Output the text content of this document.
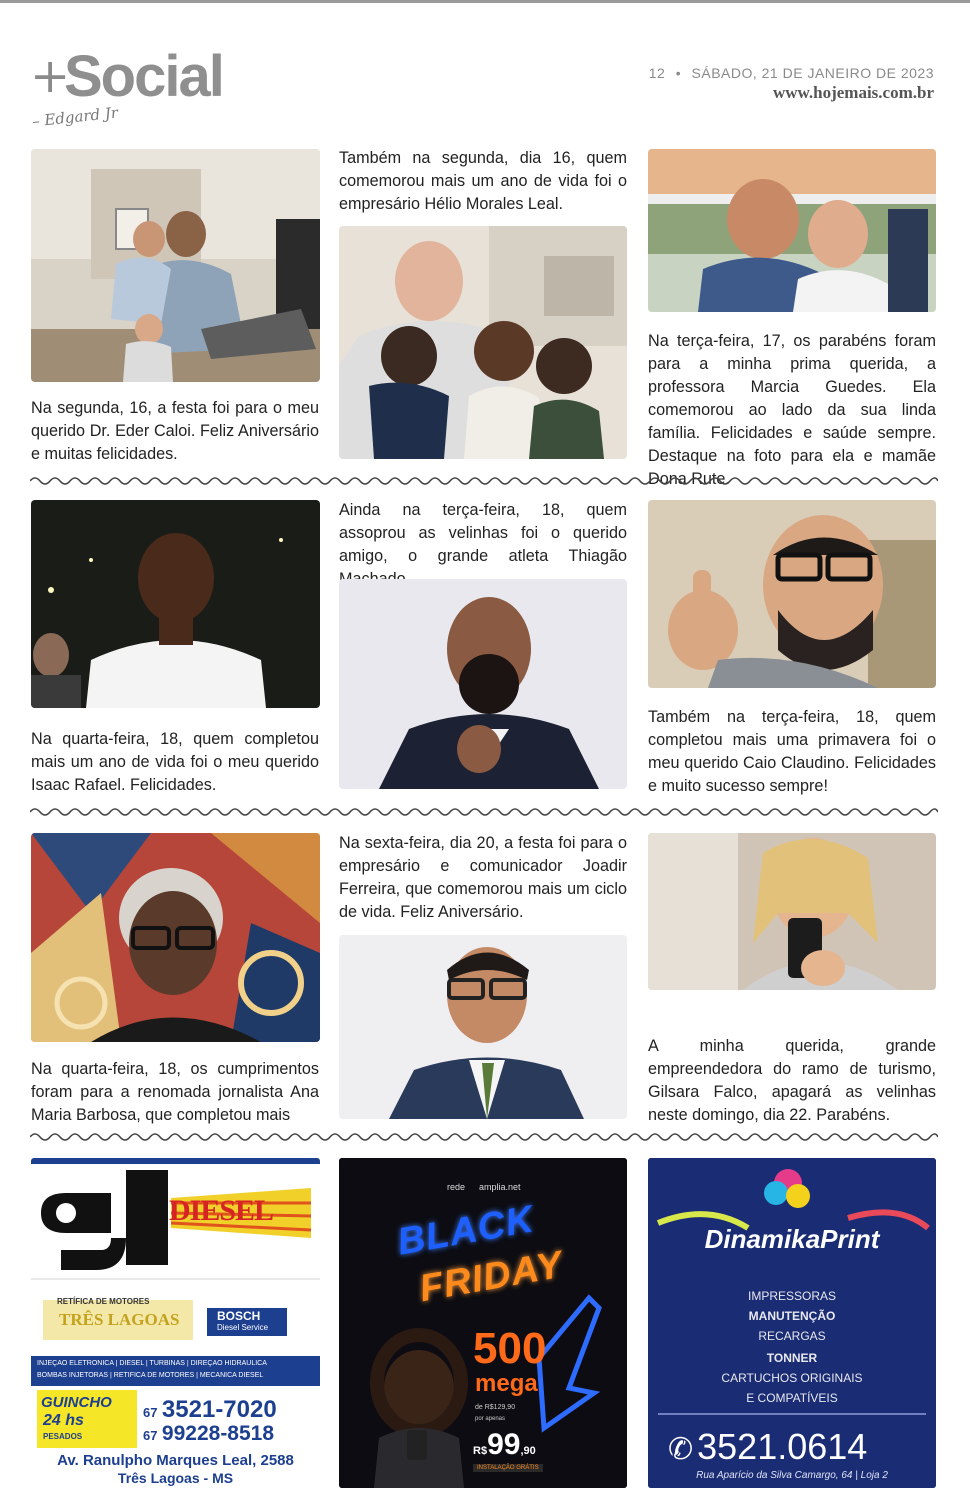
+
Social
– Edgard Jr
12 • SÁBADO, 21 DE JANEIRO DE 2023
www.hojemais.com.br
Na segunda, 16, a festa foi para o meu querido Dr. Eder Caloi. Feliz Aniversário e muitas felicidades.
Também na segunda, dia 16, quem comemorou mais um ano de vida foi o empresário Hélio Morales Leal.
Na terça-feira, 17, os parabéns foram para a minha prima querida, a professora Marcia Guedes. Ela comemorou ao lado da sua linda família. Felicidades e saúde sempre. Destaque na foto para ela e mamãe Dona Rute.
Na quarta-feira, 18, quem completou mais um ano de vida foi o meu querido Isaac Rafael. Felicidades.
Ainda na terça-feira, 18, quem assoprou as velinhas foi o querido amigo, o grande atleta Thiagão
Também na terça-feira, 18, quem completou mais uma primavera foi o meu querido Caio Claudino. Felicidades e muito sucesso sempre!
Na quarta-feira, 18, os cumprimentos foram para a renomada jornalista Ana Maria Barbosa, que completou mais
Na sexta-feira, dia 20, a festa foi para o empresário e comunicador Joadir Ferreira, que comemorou mais um ciclo de vida. Feliz Aniversário.
A minha querida, grande empreendedora do ramo de turismo, Gilsara Falco, apagará as velinhas neste domingo, dia 22. Parabéns.
DIESEL
RETÍFICA DE MOTORES
TRÊS LAGOAS	BOSCH
Diesel Service
INJEÇÃO ELETRÔNICA | DIESEL | TURBINAS | DIREÇÃO HIDRÁULICA
BOMBAS INJETORAS | RETÍFICA DE MOTORES | MECÂNICA DIESEL
GUINCHO
24 hs
PESADOS
67 3521-7020
67 99228-8518
Av. Ranulpho Marques Leal, 2588
Três Lagoas - MS
rede amplia.net
BLACK
FRIDAY
500
mega
de R$129,90
por apenas
R$99,90
INSTALAÇÃO GRÁTIS
DinamikaPrint
IMPRESSORAS
MANUTENÇÃO
RECARGAS
TONNER
CARTUCHOS ORIGINAIS
E COMPATÍVEIS
✆ 3521.0614
Rua Aparício da Silva Camargo, 64 | Loja 2
